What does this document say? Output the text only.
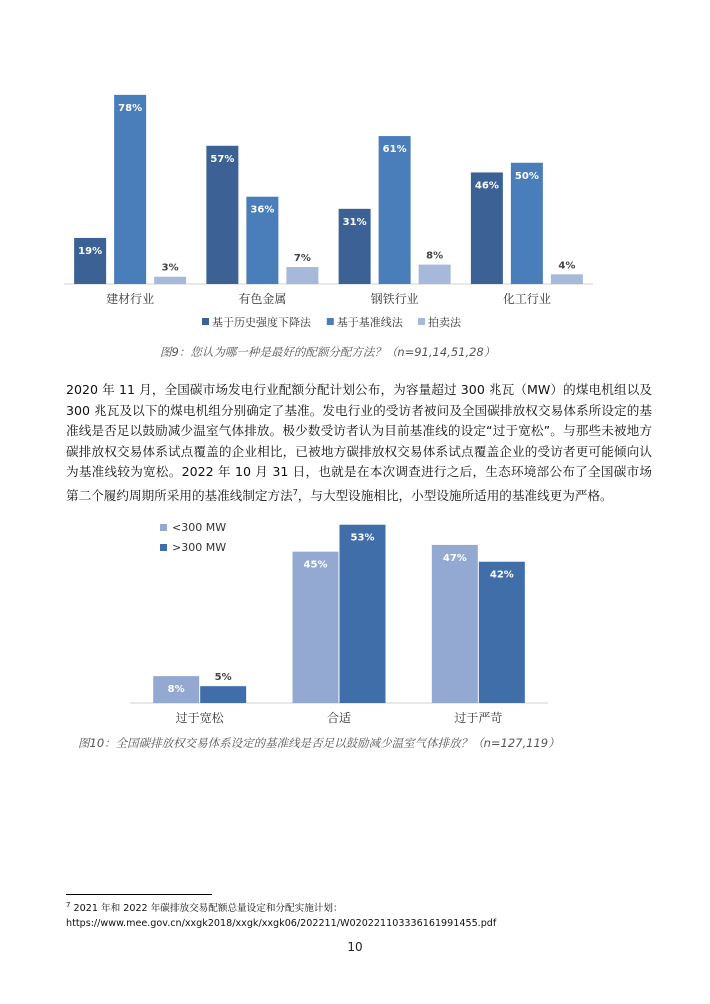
19%
78%
3%
建材行业
57%
36%
7%
有色金属
31%
61%
8%
钢铁行业
46%
50%
4%
化工行业
基于历史强度下降法 基于基准线法 拍卖法
图9：您认为哪一种是最好的配额分配方法？（n=91,14,51,28）
2020 年 11 月，全国碳市场发电行业配额分配计划公布，为容量超过 300 兆瓦（MW）的煤电机组以及 300 兆瓦及以下的煤电机组分别确定了基准。发电行业的受访者被问及全国碳排放权交易体系所设定的基准线是否足以鼓励减少温室气体排放。极少数受访者认为目前基准线的设定“过于宽松”。与那些未被地方碳排放权交易体系试点覆盖的企业相比，已被地方碳排放权交易体系试点覆盖企业的受访者更可能倾向认为基准线较为宽松。2022 年 10 月 31 日，也就是在本次调查进行之后，生态环境部公布了全国碳市场第二个履约周期所采用的基准线制定方法$^7$，与大型设施相比，小型设施所适用的基准线更为严格。
8%
5%
过于宽松
45%
53%
合适
47%
42%
过于严苛
<300 MW
>300 MW
图10：全国碳排放权交易体系设定的基准线是否足以鼓励减少温室气体排放？（n=127,119）
$^7$ 2021 年和 2022 年碳排放交易配额总量设定和分配实施计划：
https://www.mee.gov.cn/xxgk2018/xxgk/xxgk06/202211/W020221103336161991455.pdf
10
